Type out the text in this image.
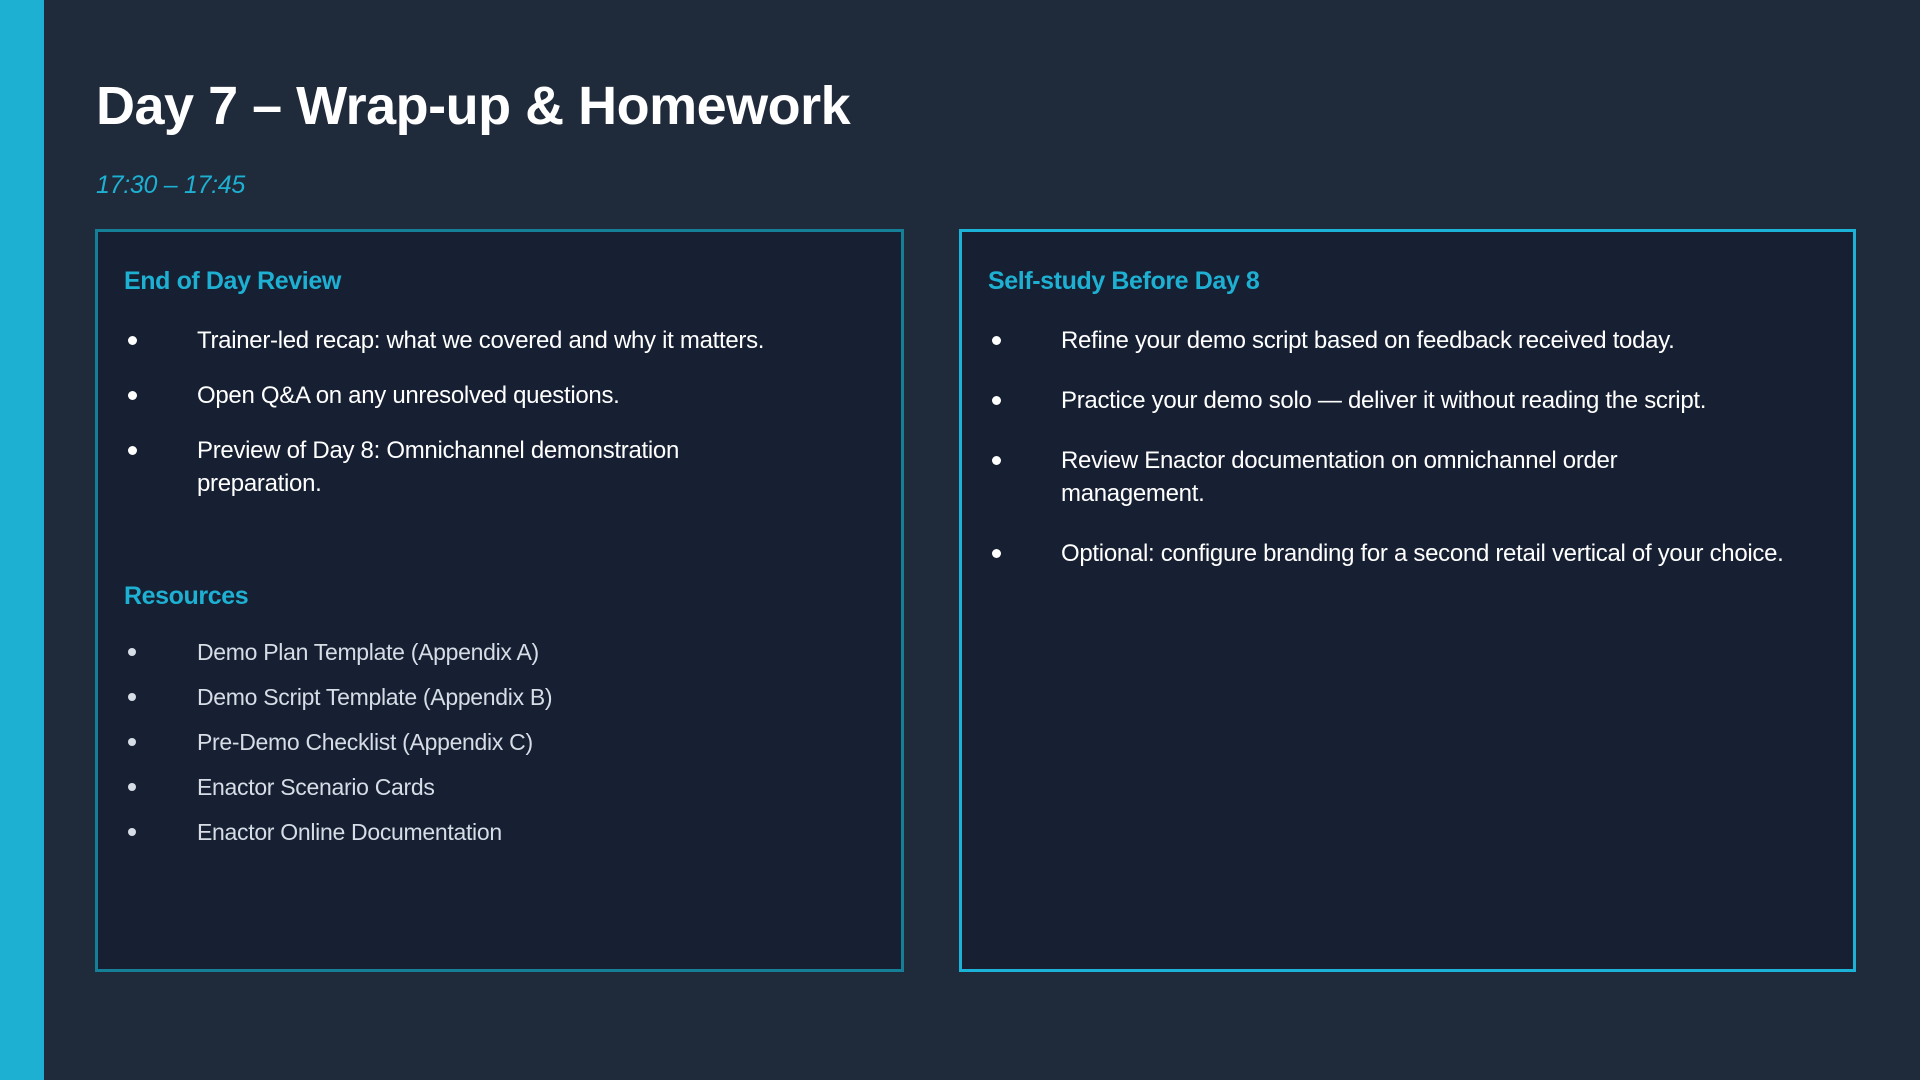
Day 7 – Wrap-up & Homework
17:30 – 17:45
End of Day Review
Trainer-led recap: what we covered and why it matters.
Open Q&A on any unresolved questions.
Preview of Day 8: Omnichannel demonstration preparation.
Resources
Demo Plan Template (Appendix A)
Demo Script Template (Appendix B)
Pre-Demo Checklist (Appendix C)
Enactor Scenario Cards
Enactor Online Documentation
Self-study Before Day 8
Refine your demo script based on feedback received today.
Practice your demo solo — deliver it without reading the script.
Review Enactor documentation on omnichannel order management.
Optional: configure branding for a second retail vertical of your choice.
